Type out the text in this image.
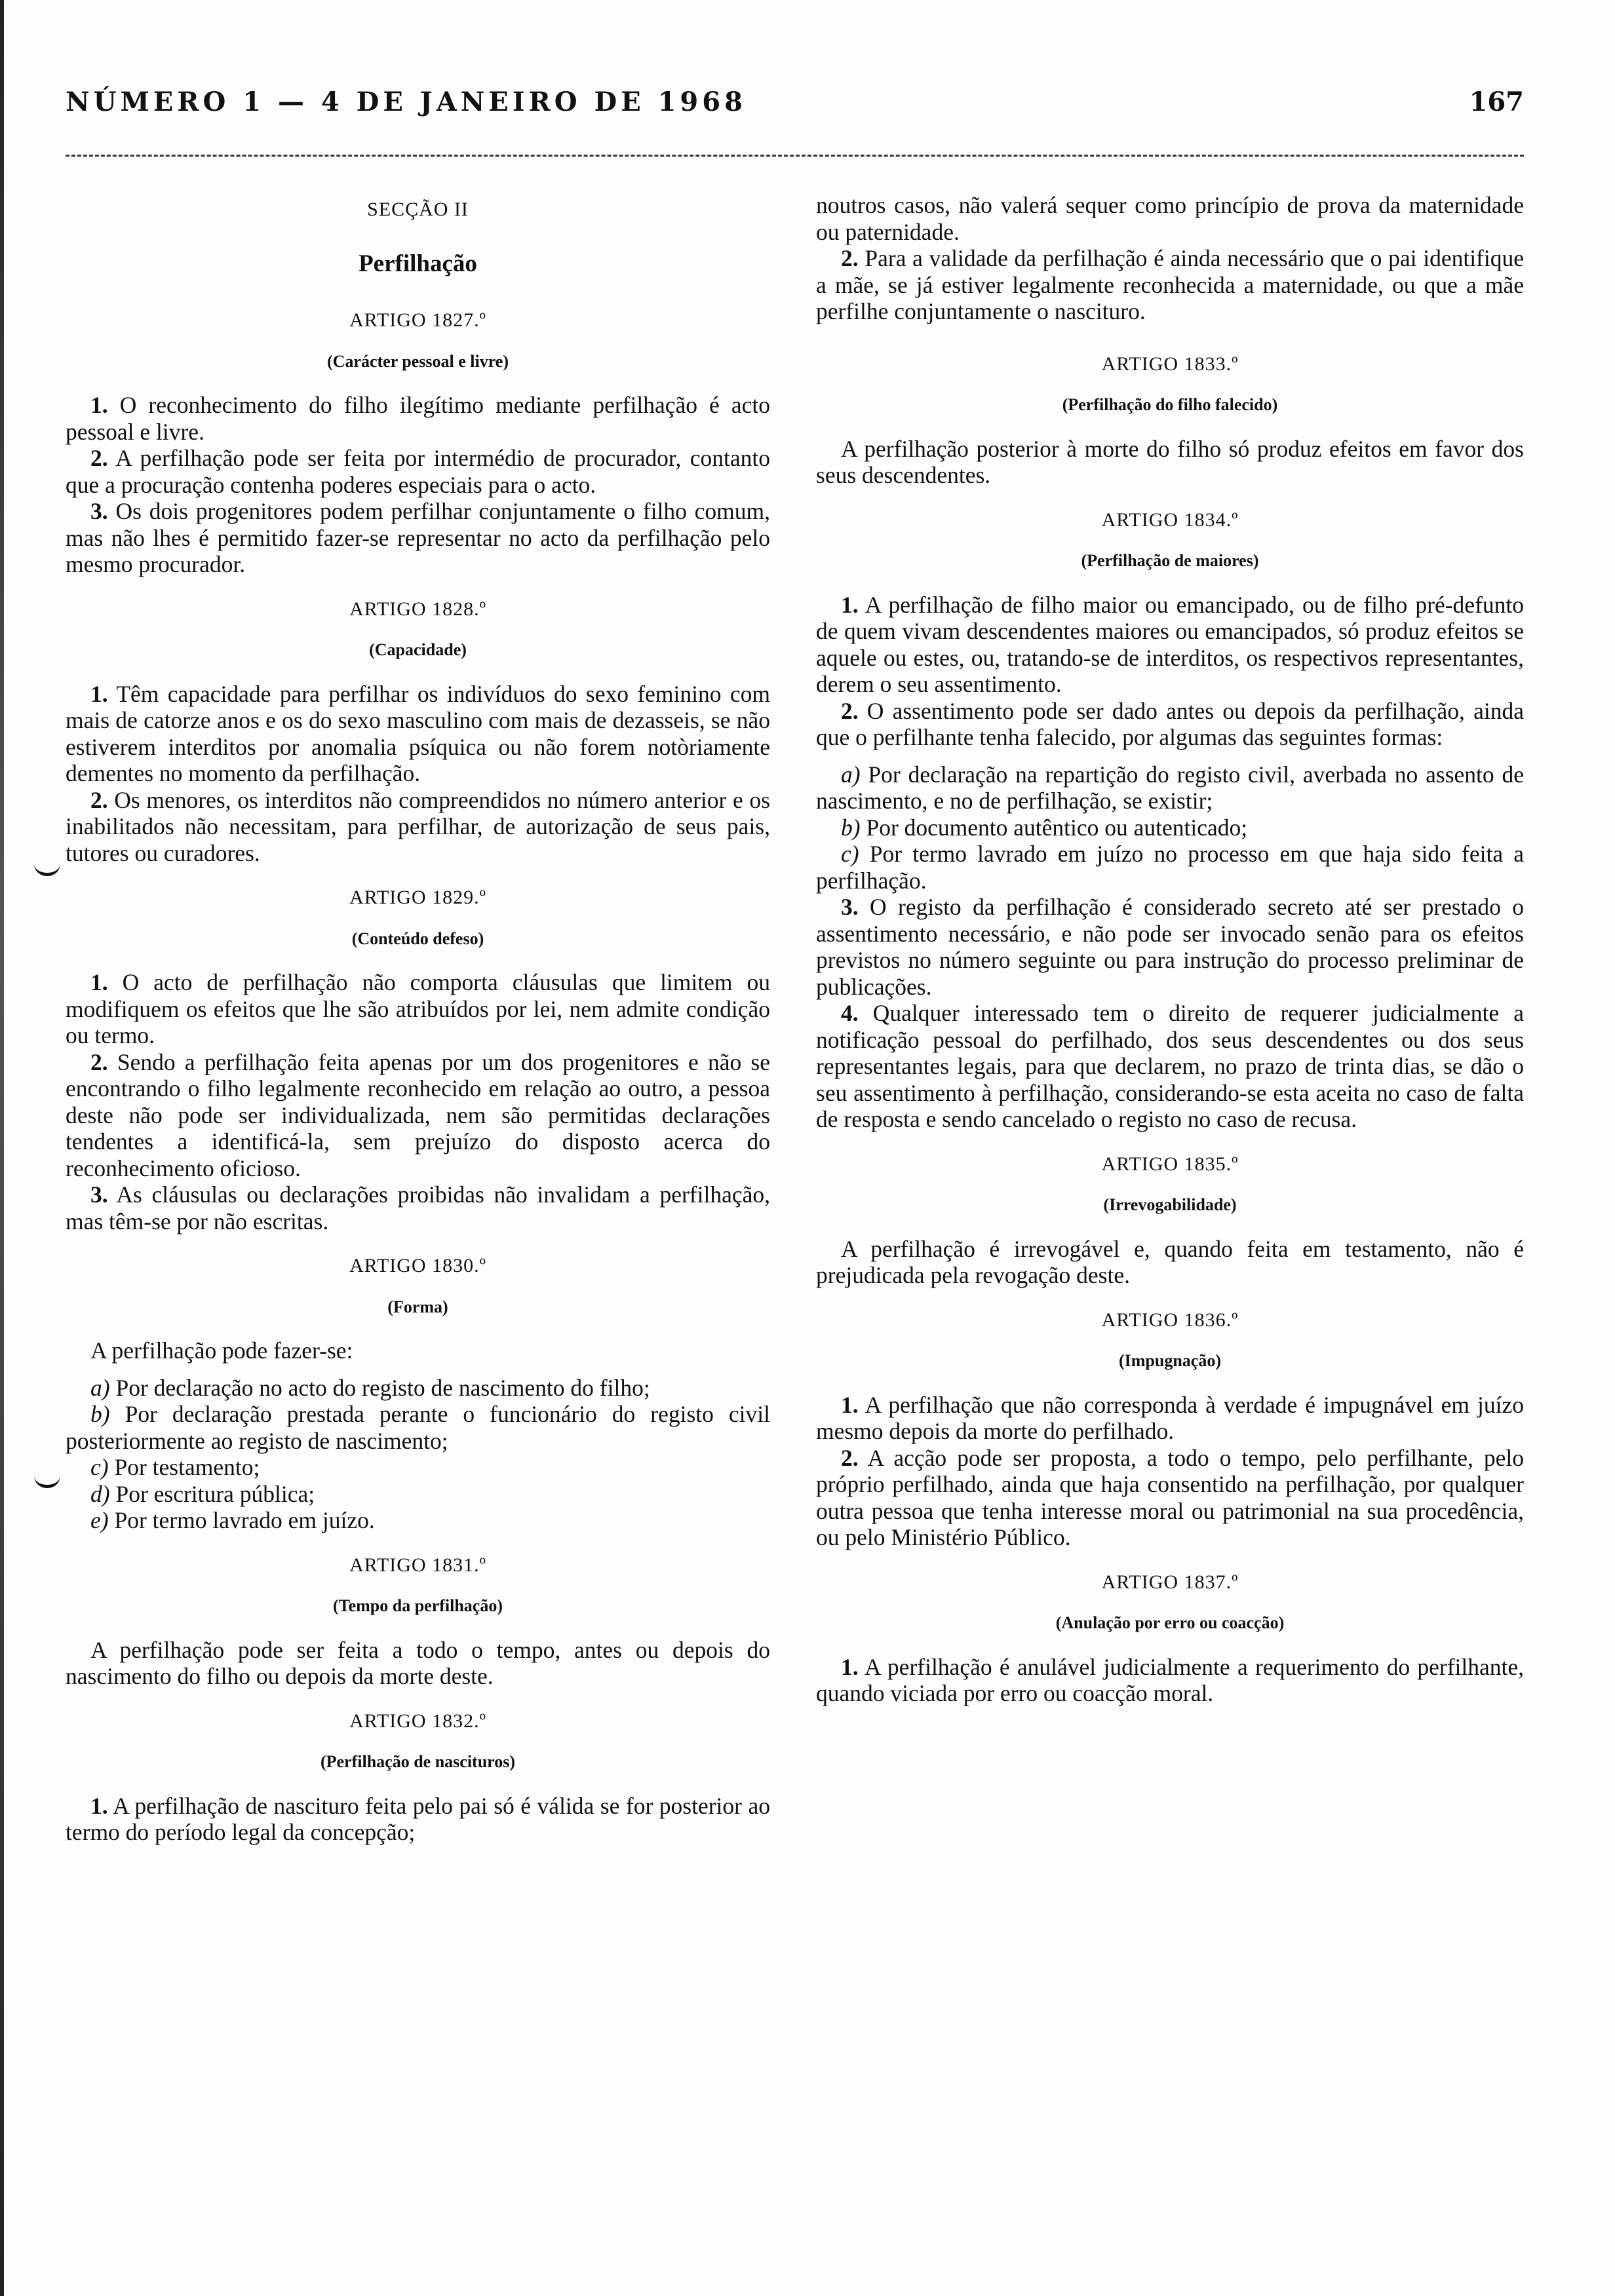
NÚMERO 1 — 4 DE JANEIRO DE 1968	167
SECÇÃO II
Perfilhação
ARTIGO 1827.º
(Carácter pessoal e livre)

1. O reconhecimento do filho ilegítimo mediante perfilhação é acto pessoal e livre.

2. A perfilhação pode ser feita por intermédio de procurador, contanto que a procuração contenha poderes especiais para o acto.

3. Os dois progenitores podem perfilhar conjuntamente o filho comum, mas não lhes é permitido fazer-se representar no acto da perfilhação pelo mesmo procurador.

ARTIGO 1828.º
(Capacidade)

1. Têm capacidade para perfilhar os indivíduos do sexo feminino com mais de catorze anos e os do sexo masculino com mais de dezasseis, se não estiverem interditos por anomalia psíquica ou não forem notòriamente dementes no momento da perfilhação.

2. Os menores, os interditos não compreendidos no número anterior e os inabilitados não necessitam, para perfilhar, de autorização de seus pais, tutores ou curadores.

ARTIGO 1829.º
(Conteúdo defeso)

1. O acto de perfilhação não comporta cláusulas que limitem ou modifiquem os efeitos que lhe são atribuídos por lei, nem admite condição ou termo.

2. Sendo a perfilhação feita apenas por um dos progenitores e não se encontrando o filho legalmente reconhecido em relação ao outro, a pessoa deste não pode ser individualizada, nem são permitidas declarações tendentes a identificá-la, sem prejuízo do disposto acerca do reconhecimento oficioso.

3. As cláusulas ou declarações proibidas não invalidam a perfilhação, mas têm-se por não escritas.

ARTIGO 1830.º
(Forma)

A perfilhação pode fazer-se:

a) Por declaração no acto do registo de nascimento do filho;

b) Por declaração prestada perante o funcionário do registo civil posteriormente ao registo de nascimento;

c) Por testamento;

d) Por escritura pública;

e) Por termo lavrado em juízo.

ARTIGO 1831.º
(Tempo da perfilhação)

A perfilhação pode ser feita a todo o tempo, antes ou depois do nascimento do filho ou depois da morte deste.

ARTIGO 1832.º
(Perfilhação de nascituros)

1. A perfilhação de nascituro feita pelo pai só é válida se for posterior ao termo do período legal da concepção;

noutros casos, não valerá sequer como princípio de prova da maternidade ou paternidade.

2. Para a validade da perfilhação é ainda necessário que o pai identifique a mãe, se já estiver legalmente reconhecida a maternidade, ou que a mãe perfilhe conjuntamente o nascituro.

ARTIGO 1833.º
(Perfilhação do filho falecido)

A perfilhação posterior à morte do filho só produz efeitos em favor dos seus descendentes.

ARTIGO 1834.º
(Perfilhação de maiores)

1. A perfilhação de filho maior ou emancipado, ou de filho pré-defunto de quem vivam descendentes maiores ou emancipados, só produz efeitos se aquele ou estes, ou, tratando-se de interditos, os respectivos representantes, derem o seu assentimento.

2. O assentimento pode ser dado antes ou depois da perfilhação, ainda que o perfilhante tenha falecido, por algumas das seguintes formas:

a) Por declaração na repartição do registo civil, averbada no assento de nascimento, e no de perfilhação, se existir;

b) Por documento autêntico ou autenticado;

c) Por termo lavrado em juízo no processo em que haja sido feita a perfilhação.

3. O registo da perfilhação é considerado secreto até ser prestado o assentimento necessário, e não pode ser invocado senão para os efeitos previstos no número seguinte ou para instrução do processo preliminar de publicações.

4. Qualquer interessado tem o direito de requerer judicialmente a notificação pessoal do perfilhado, dos seus descendentes ou dos seus representantes legais, para que declarem, no prazo de trinta dias, se dão o seu assentimento à perfilhação, considerando-se esta aceita no caso de falta de resposta e sendo cancelado o registo no caso de recusa.

ARTIGO 1835.º
(Irrevogabilidade)

A perfilhação é irrevogável e, quando feita em testamento, não é prejudicada pela revogação deste.

ARTIGO 1836.º
(Impugnação)

1. A perfilhação que não corresponda à verdade é impugnável em juízo mesmo depois da morte do perfilhado.

2. A acção pode ser proposta, a todo o tempo, pelo perfilhante, pelo próprio perfilhado, ainda que haja consentido na perfilhação, por qualquer outra pessoa que tenha interesse moral ou patrimonial na sua procedência, ou pelo Ministério Público.

ARTIGO 1837.º
(Anulação por erro ou coacção)

1. A perfilhação é anulável judicialmente a requerimento do perfilhante, quando viciada por erro ou coacção moral.
